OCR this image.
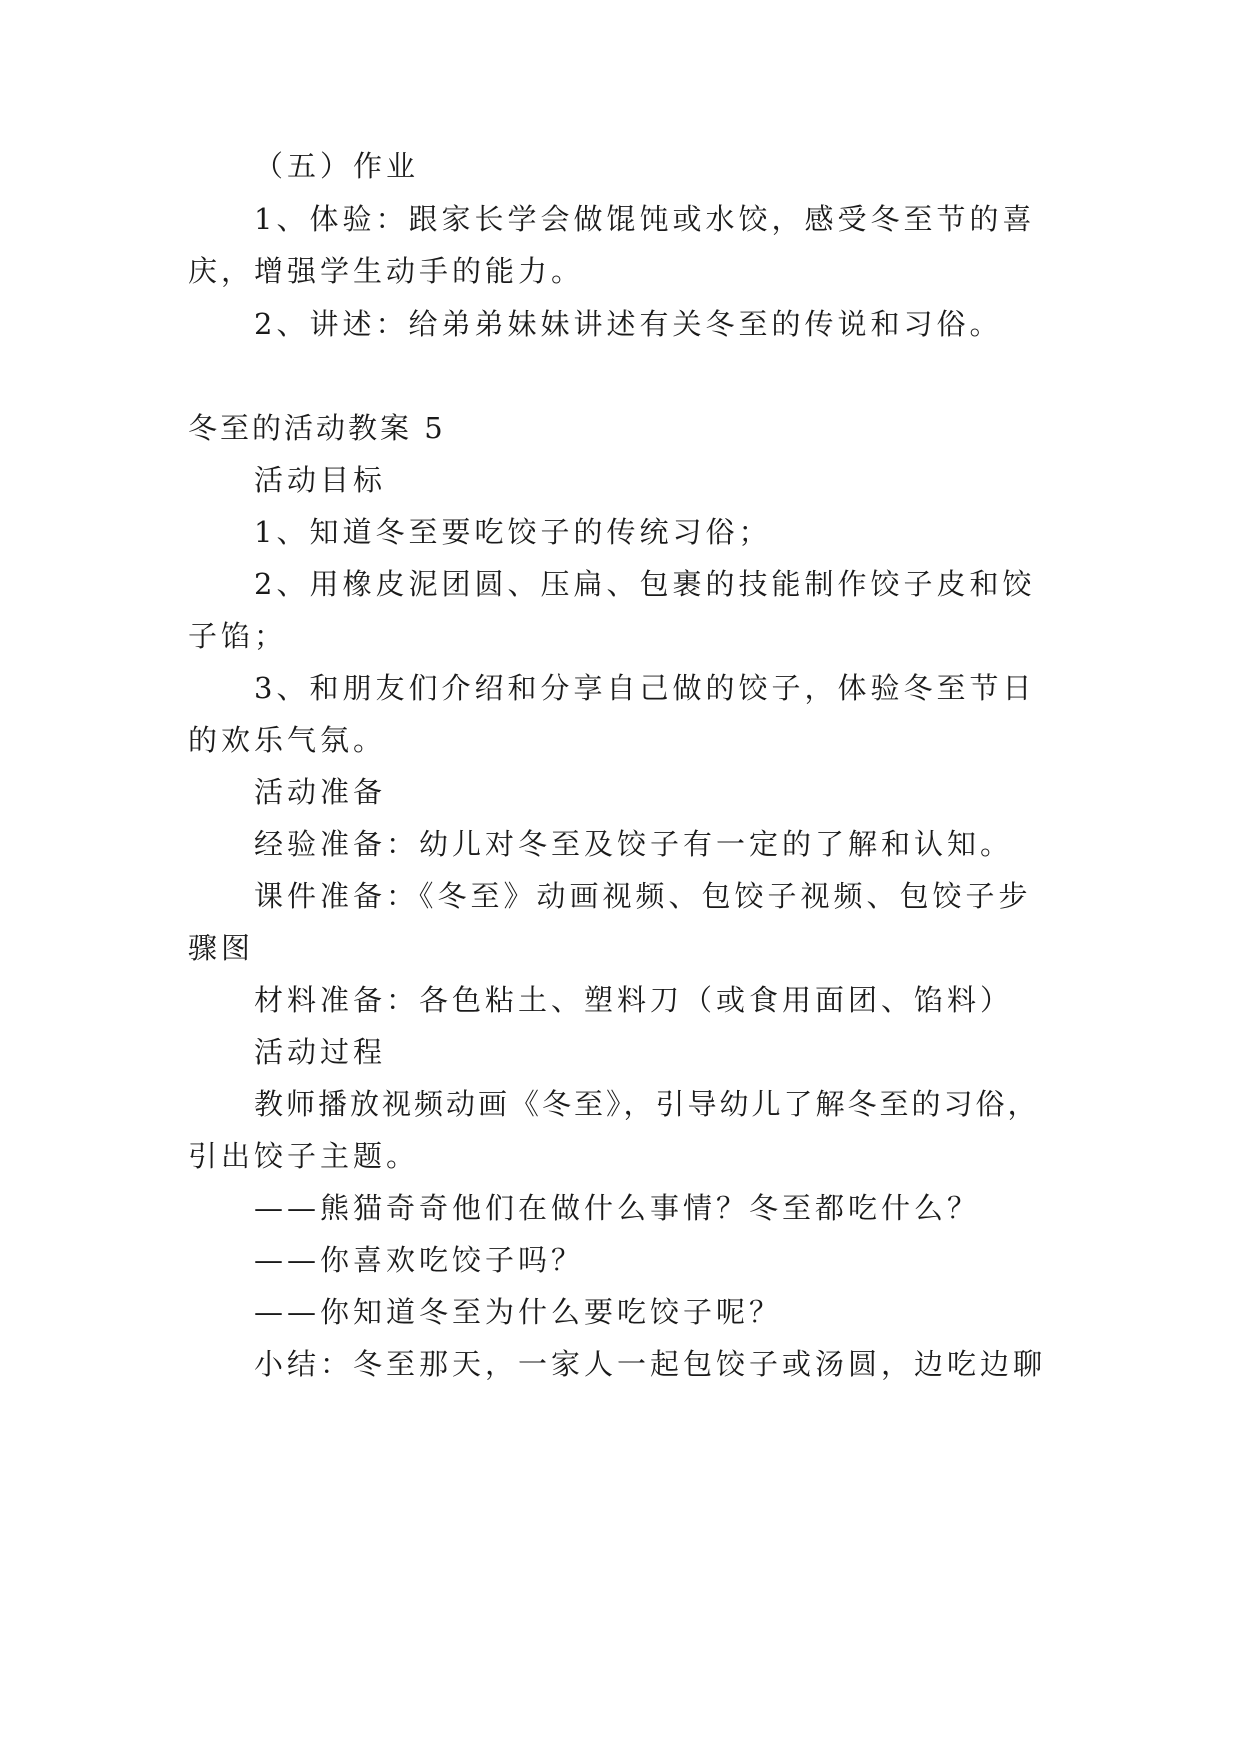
（五）作业

1、体验：跟家长学会做馄饨或水饺，感受冬至节的喜

庆，增强学生动手的能力。

2、讲述：给弟弟妹妹讲述有关冬至的传说和习俗。

冬至的活动教案 5

活动目标

1、知道冬至要吃饺子的传统习俗；

2、用橡皮泥团圆、压扁、包裹的技能制作饺子皮和饺

子馅；

3、和朋友们介绍和分享自己做的饺子，体验冬至节日

的欢乐气氛。

活动准备

经验准备：幼儿对冬至及饺子有一定的了解和认知。

课件准备：《冬至》动画视频、包饺子视频、包饺子步

骤图

材料准备：各色粘土、塑料刀（或食用面团、馅料）

活动过程

教师播放视频动画《冬至》，引导幼儿了解冬至的习俗，

引出饺子主题。

——熊猫奇奇他们在做什么事情？冬至都吃什么？

——你喜欢吃饺子吗？

——你知道冬至为什么要吃饺子呢？

小结：冬至那天，一家人一起包饺子或汤圆，边吃边聊
